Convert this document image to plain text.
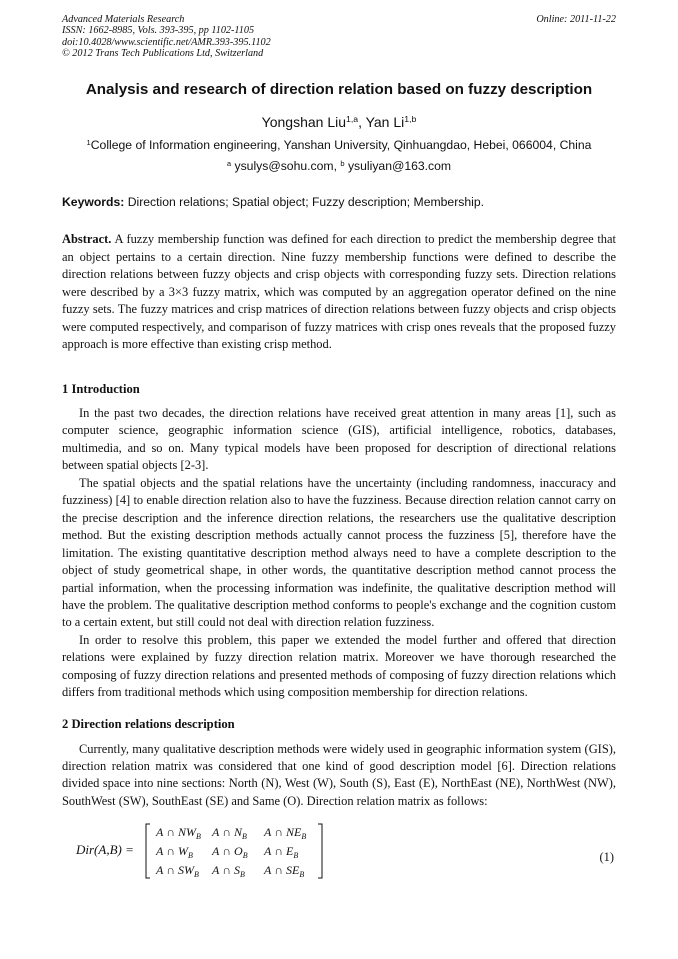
Advanced Materials Research
ISSN: 1662-8985, Vols. 393-395, pp 1102-1105
doi:10.4028/www.scientific.net/AMR.393-395.1102
© 2012 Trans Tech Publications Ltd, Switzerland
Online: 2011-11-22
Analysis and research of direction relation based on fuzzy description
Yongshan Liu$^{1,a}$, Yan Li$^{1,b}$
$^1$College of Information engineering, Yanshan University, Qinhuangdao, Hebei, 066004, China
$^a$ ysulys@sohu.com, $^b$ ysuliyan@163.com
Keywords: Direction relations; Spatial object; Fuzzy description; Membership.

Abstract. A fuzzy membership function was defined for each direction to predict the membership degree that an object pertains to a certain direction. Nine fuzzy membership functions were defined to describe the direction relations between fuzzy objects and crisp objects with corresponding fuzzy sets. Direction relations were described by a 3×3 fuzzy matrix, which was computed by an aggregation operator defined on the nine fuzzy sets. The fuzzy matrices and crisp matrices of direction relations between fuzzy objects and crisp objects were computed respectively, and comparison of fuzzy matrices with crisp ones reveals that the proposed fuzzy approach is more effective than existing crisp method.

1 Introduction

In the past two decades, the direction relations have received great attention in many areas [1], such as computer science, geographic information science (GIS), artificial intelligence, robotics, databases, multimedia, and so on. Many typical models have been proposed for description of directional relations between spatial objects [2-3].

The spatial objects and the spatial relations have the uncertainty (including randomness, inaccuracy and fuzziness) [4] to enable direction relation also to have the fuzziness. Because direction relation cannot carry on the precise description and the inference direction relations, the researchers use the qualitative description method. But the existing description methods actually cannot process the fuzziness [5], therefore have the limitation. The existing quantitative description method always need to have a complete description to the object of study geometrical shape, in other words, the quantitative description method cannot process the partial information, when the processing information was indefinite, the qualitative description method will have the problem. The qualitative description method conforms to people's exchange and the cognition custom to a certain extent, but still could not deal with direction relation fuzziness.

In order to resolve this problem, this paper we extended the model further and offered that direction relations were explained by fuzzy direction relation matrix. Moreover we have thorough researched the composing of fuzzy direction relations and presented methods of composing of fuzzy direction relations which differs from traditional methods which using composition membership for direction relations.

2 Direction relations description

Currently, many qualitative description methods were widely used in geographic information system (GIS), direction relation matrix was considered that one kind of good description model [6]. Direction relations divided space into nine sections: North (N), West (W), South (S), East (E), NorthEast (NE), NorthWest (NW), SouthWest (SW), SouthEast (SE) and Same (O). Direction relation matrix as follows:

Dir(A,B) =
A ∩ $NW_B$ A ∩ $N_B$ A ∩ $NE_B$
A ∩ $W_B$ A ∩ $O_B$ A ∩ $E_B$
A ∩ $SW_B$ A ∩ $S_B$ A ∩ $SE_B$
(1)
